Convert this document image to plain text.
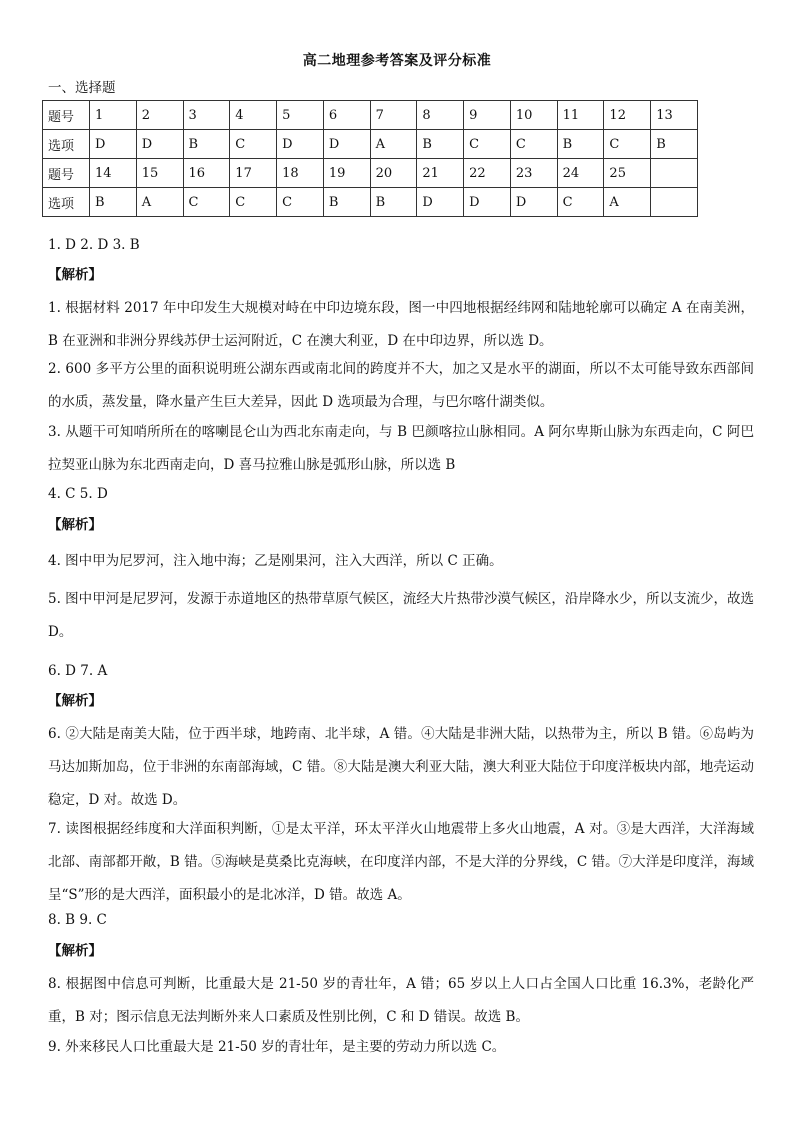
高二地理参考答案及评分标准
一、选择题
题号	1	2	3	4	5	6	7	8	9	10	11	12	13
选项	D	D	B	C	D	D	A	B	C	C	B	C	B
题号	14	15	16	17	18	19	20	21	22	23	24	25	
选项	B	A	C	C	C	B	B	D	D	D	C	A	
1. D 2. D 3. B
【解析】
1. 根据材料 2017 年中印发生大规模对峙在中印边境东段，图一中四地根据经纬网和陆地轮廓可以确定 A 在南美洲，B 在亚洲和非洲分界线苏伊士运河附近，C 在澳大利亚，D 在中印边界，所以选 D。
2. 600 多平方公里的面积说明班公湖东西或南北间的跨度并不大，加之又是水平的湖面，所以不太可能导致东西部间的水质，蒸发量，降水量产生巨大差异，因此 D 选项最为合理，与巴尔喀什湖类似。
3. 从题干可知哨所所在的喀喇昆仑山为西北东南走向，与 B 巴颜喀拉山脉相同。A 阿尔卑斯山脉为东西走向，C 阿巴拉契亚山脉为东北西南走向，D 喜马拉雅山脉是弧形山脉，所以选 B
4. C 5. D
【解析】
4. 图中甲为尼罗河，注入地中海；乙是刚果河，注入大西洋，所以 C 正确。
5. 图中甲河是尼罗河，发源于赤道地区的热带草原气候区，流经大片热带沙漠气候区，沿岸降水少，所以支流少，故选 D。
6. D 7. A
【解析】
6. ②大陆是南美大陆，位于西半球，地跨南、北半球，A 错。④大陆是非洲大陆，以热带为主，所以 B 错。⑥岛屿为马达加斯加岛，位于非洲的东南部海域，C 错。⑧大陆是澳大利亚大陆，澳大利亚大陆位于印度洋板块内部，地壳运动稳定，D 对。故选 D。
7. 读图根据经纬度和大洋面积判断，①是太平洋，环太平洋火山地震带上多火山地震，A 对。③是大西洋，大洋海域北部、南部都开敞，B 错。⑤海峡是莫桑比克海峡，在印度洋内部，不是大洋的分界线，C 错。⑦大洋是印度洋，海域呈“S”形的是大西洋，面积最小的是北冰洋，D 错。故选 A。
8. B 9. C
【解析】
8. 根据图中信息可判断，比重最大是 21-50 岁的青壮年，A 错；65 岁以上人口占全国人口比重 16.3%，老龄化严重，B 对；图示信息无法判断外来人口素质及性别比例，C 和 D 错误。故选 B。
9. 外来移民人口比重最大是 21-50 岁的青壮年，是主要的劳动力所以选 C。
